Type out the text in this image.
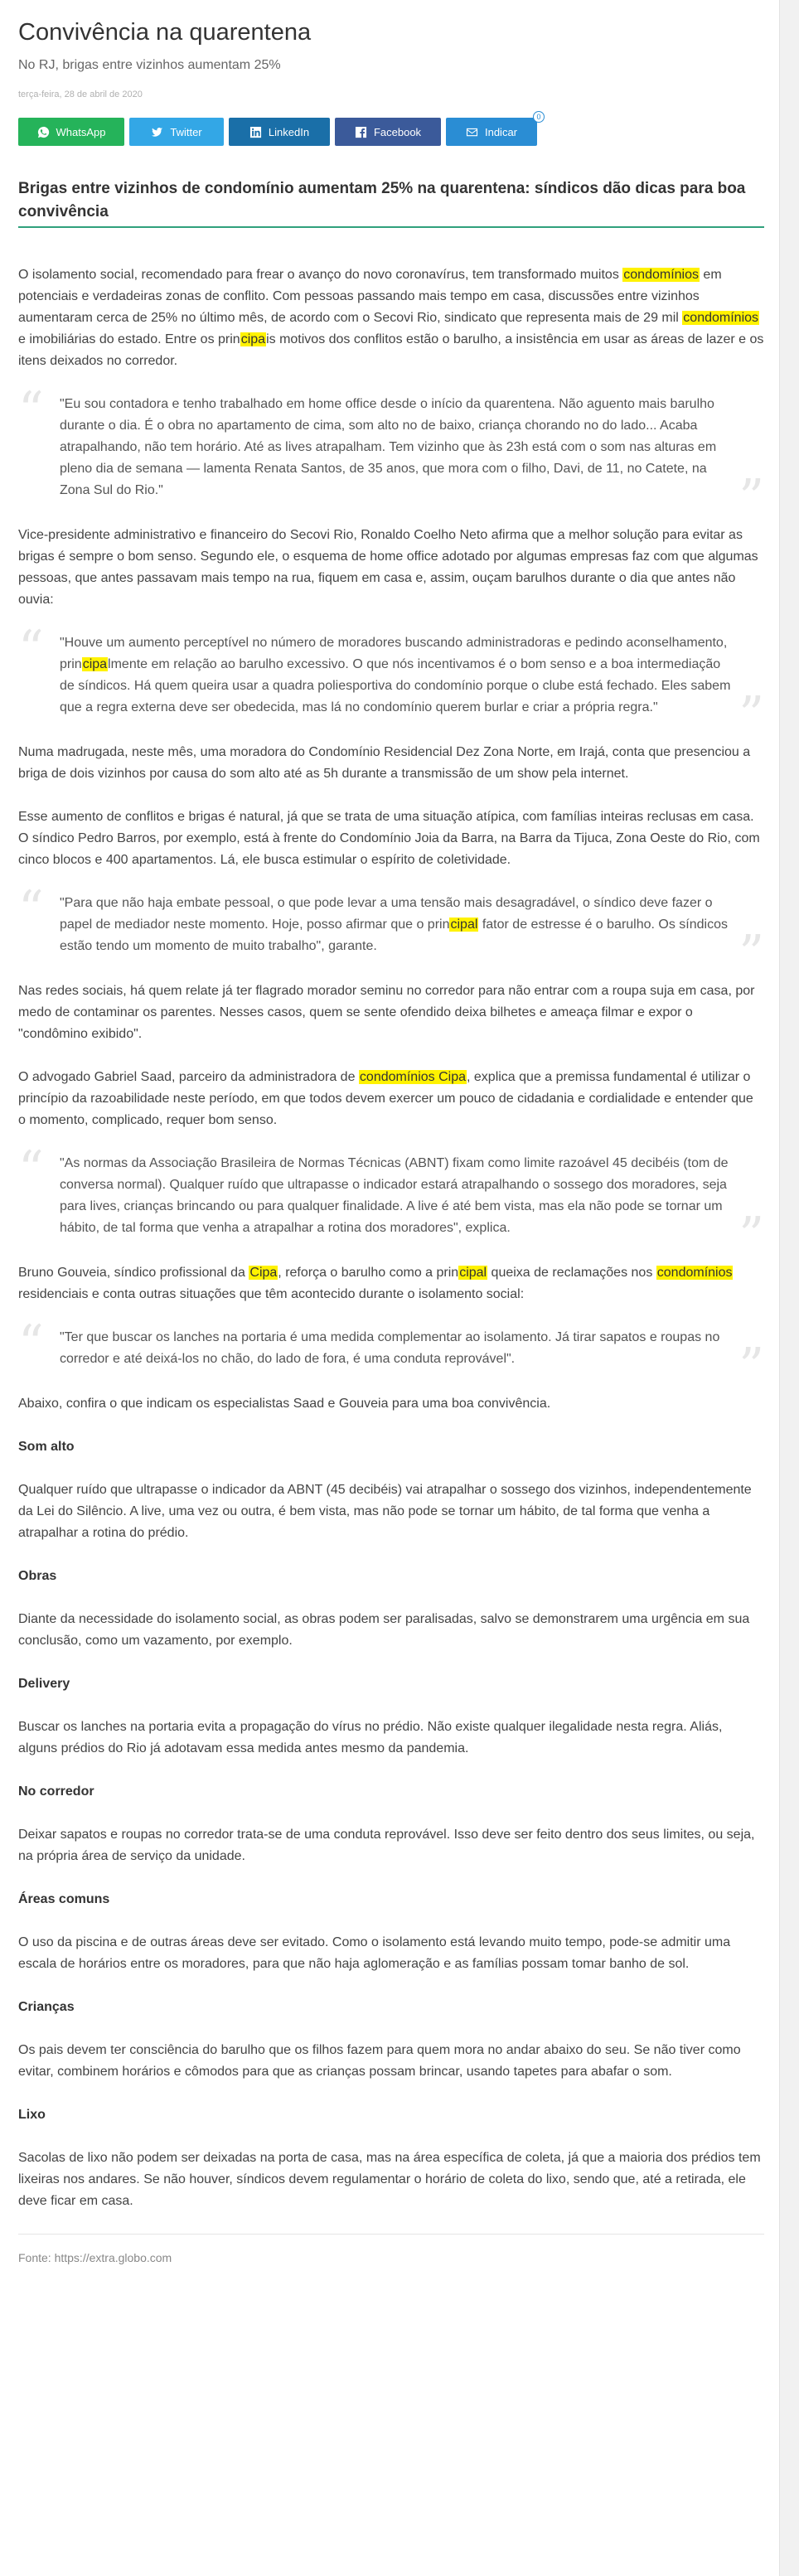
Convivência na quarentena
No RJ, brigas entre vizinhos aumentam 25%
terça-feira, 28 de abril de 2020
WhatsApp	Twitter	LinkedIn	Facebook	Indicar
0
Brigas entre vizinhos de condomínio aumentam 25% na quarentena: síndicos dão dicas para boa convivência

O isolamento social, recomendado para frear o avanço do novo coronavírus, tem transformado muitos condomínios em potenciais e verdadeiras zonas de conflito. Com pessoas passando mais tempo em casa, discussões entre vizinhos aumentaram cerca de 25% no último mês, de acordo com o Secovi Rio, sindicato que representa mais de 29 mil condomínios e imobiliárias do estado. Entre os principais motivos dos conflitos estão o barulho, a insistência em usar as áreas de lazer e os itens deixados no corredor.

“ "Eu sou contadora e tenho trabalhado em home office desde o início da quarentena. Não aguento mais barulho durante o dia. É o obra no apartamento de cima, som alto no de baixo, criança chorando no do lado... Acaba atrapalhando, não tem horário. Até as lives atrapalham. Tem vizinho que às 23h está com o som nas alturas em pleno dia de semana — lamenta Renata Santos, de 35 anos, que mora com o filho, Davi, de 11, no Catete, na Zona Sul do Rio."	”

Vice-presidente administrativo e financeiro do Secovi Rio, Ronaldo Coelho Neto afirma que a melhor solução para evitar as brigas é sempre o bom senso. Segundo ele, o esquema de home office adotado por algumas empresas faz com que algumas pessoas, que antes passavam mais tempo na rua, fiquem em casa e, assim, ouçam barulhos durante o dia que antes não ouvia:

“ "Houve um aumento perceptível no número de moradores buscando administradoras e pedindo aconselhamento, principalmente em relação ao barulho excessivo. O que nós incentivamos é o bom senso e a boa intermediação de síndicos. Há quem queira usar a quadra poliesportiva do condomínio porque o clube está fechado. Eles sabem que a regra externa deve ser obedecida, mas lá no condomínio querem burlar e criar a própria regra."	”

Numa madrugada, neste mês, uma moradora do Condomínio Residencial Dez Zona Norte, em Irajá, conta que presenciou a briga de dois vizinhos por causa do som alto até as 5h durante a transmissão de um show pela internet.

Esse aumento de conflitos e brigas é natural, já que se trata de uma situação atípica, com famílias inteiras reclusas em casa. O síndico Pedro Barros, por exemplo, está à frente do Condomínio Joia da Barra, na Barra da Tijuca, Zona Oeste do Rio, com cinco blocos e 400 apartamentos. Lá, ele busca estimular o espírito de coletividade.

“ "Para que não haja embate pessoal, o que pode levar a uma tensão mais desagradável, o síndico deve fazer o papel de mediador neste momento. Hoje, posso afirmar que o principal fator de estresse é o barulho. Os síndicos estão tendo um momento de muito trabalho", garante.	”

Nas redes sociais, há quem relate já ter flagrado morador seminu no corredor para não entrar com a roupa suja em casa, por medo de contaminar os parentes. Nesses casos, quem se sente ofendido deixa bilhetes e ameaça filmar e expor o "condômino exibido".

O advogado Gabriel Saad, parceiro da administradora de condomínios Cipa, explica que a premissa fundamental é utilizar o princípio da razoabilidade neste período, em que todos devem exercer um pouco de cidadania e cordialidade e entender que o momento, complicado, requer bom senso.

“ "As normas da Associação Brasileira de Normas Técnicas (ABNT) fixam como limite razoável 45 decibéis (tom de conversa normal). Qualquer ruído que ultrapasse o indicador estará atrapalhando o sossego dos moradores, seja para lives, crianças brincando ou para qualquer finalidade. A live é até bem vista, mas ela não pode se tornar um hábito, de tal forma que venha a atrapalhar a rotina dos moradores", explica.	”

Bruno Gouveia, síndico profissional da Cipa, reforça o barulho como a principal queixa de reclamações nos condomínios residenciais e conta outras situações que têm acontecido durante o isolamento social:

“ "Ter que buscar os lanches na portaria é uma medida complementar ao isolamento. Já tirar sapatos e roupas no corredor e até deixá-los no chão, do lado de fora, é uma conduta reprovável".	”

Abaixo, confira o que indicam os especialistas Saad e Gouveia para uma boa convivência.

Som alto

Qualquer ruído que ultrapasse o indicador da ABNT (45 decibéis) vai atrapalhar o sossego dos vizinhos, independentemente da Lei do Silêncio. A live, uma vez ou outra, é bem vista, mas não pode se tornar um hábito, de tal forma que venha a atrapalhar a rotina do prédio.

Obras

Diante da necessidade do isolamento social, as obras podem ser paralisadas, salvo se demonstrarem uma urgência em sua conclusão, como um vazamento, por exemplo.

Delivery

Buscar os lanches na portaria evita a propagação do vírus no prédio. Não existe qualquer ilegalidade nesta regra. Aliás, alguns prédios do Rio já adotavam essa medida antes mesmo da pandemia.

No corredor

Deixar sapatos e roupas no corredor trata-se de uma conduta reprovável. Isso deve ser feito dentro dos seus limites, ou seja, na própria área de serviço da unidade.

Áreas comuns

O uso da piscina e de outras áreas deve ser evitado. Como o isolamento está levando muito tempo, pode-se admitir uma escala de horários entre os moradores, para que não haja aglomeração e as famílias possam tomar banho de sol.

Crianças

Os pais devem ter consciência do barulho que os filhos fazem para quem mora no andar abaixo do seu. Se não tiver como evitar, combinem horários e cômodos para que as crianças possam brincar, usando tapetes para abafar o som.

Lixo

Sacolas de lixo não podem ser deixadas na porta de casa, mas na área específica de coleta, já que a maioria dos prédios tem lixeiras nos andares. Se não houver, síndicos devem regulamentar o horário de coleta do lixo, sendo que, até a retirada, ele deve ficar em casa.

Fonte: https://extra.globo.com
